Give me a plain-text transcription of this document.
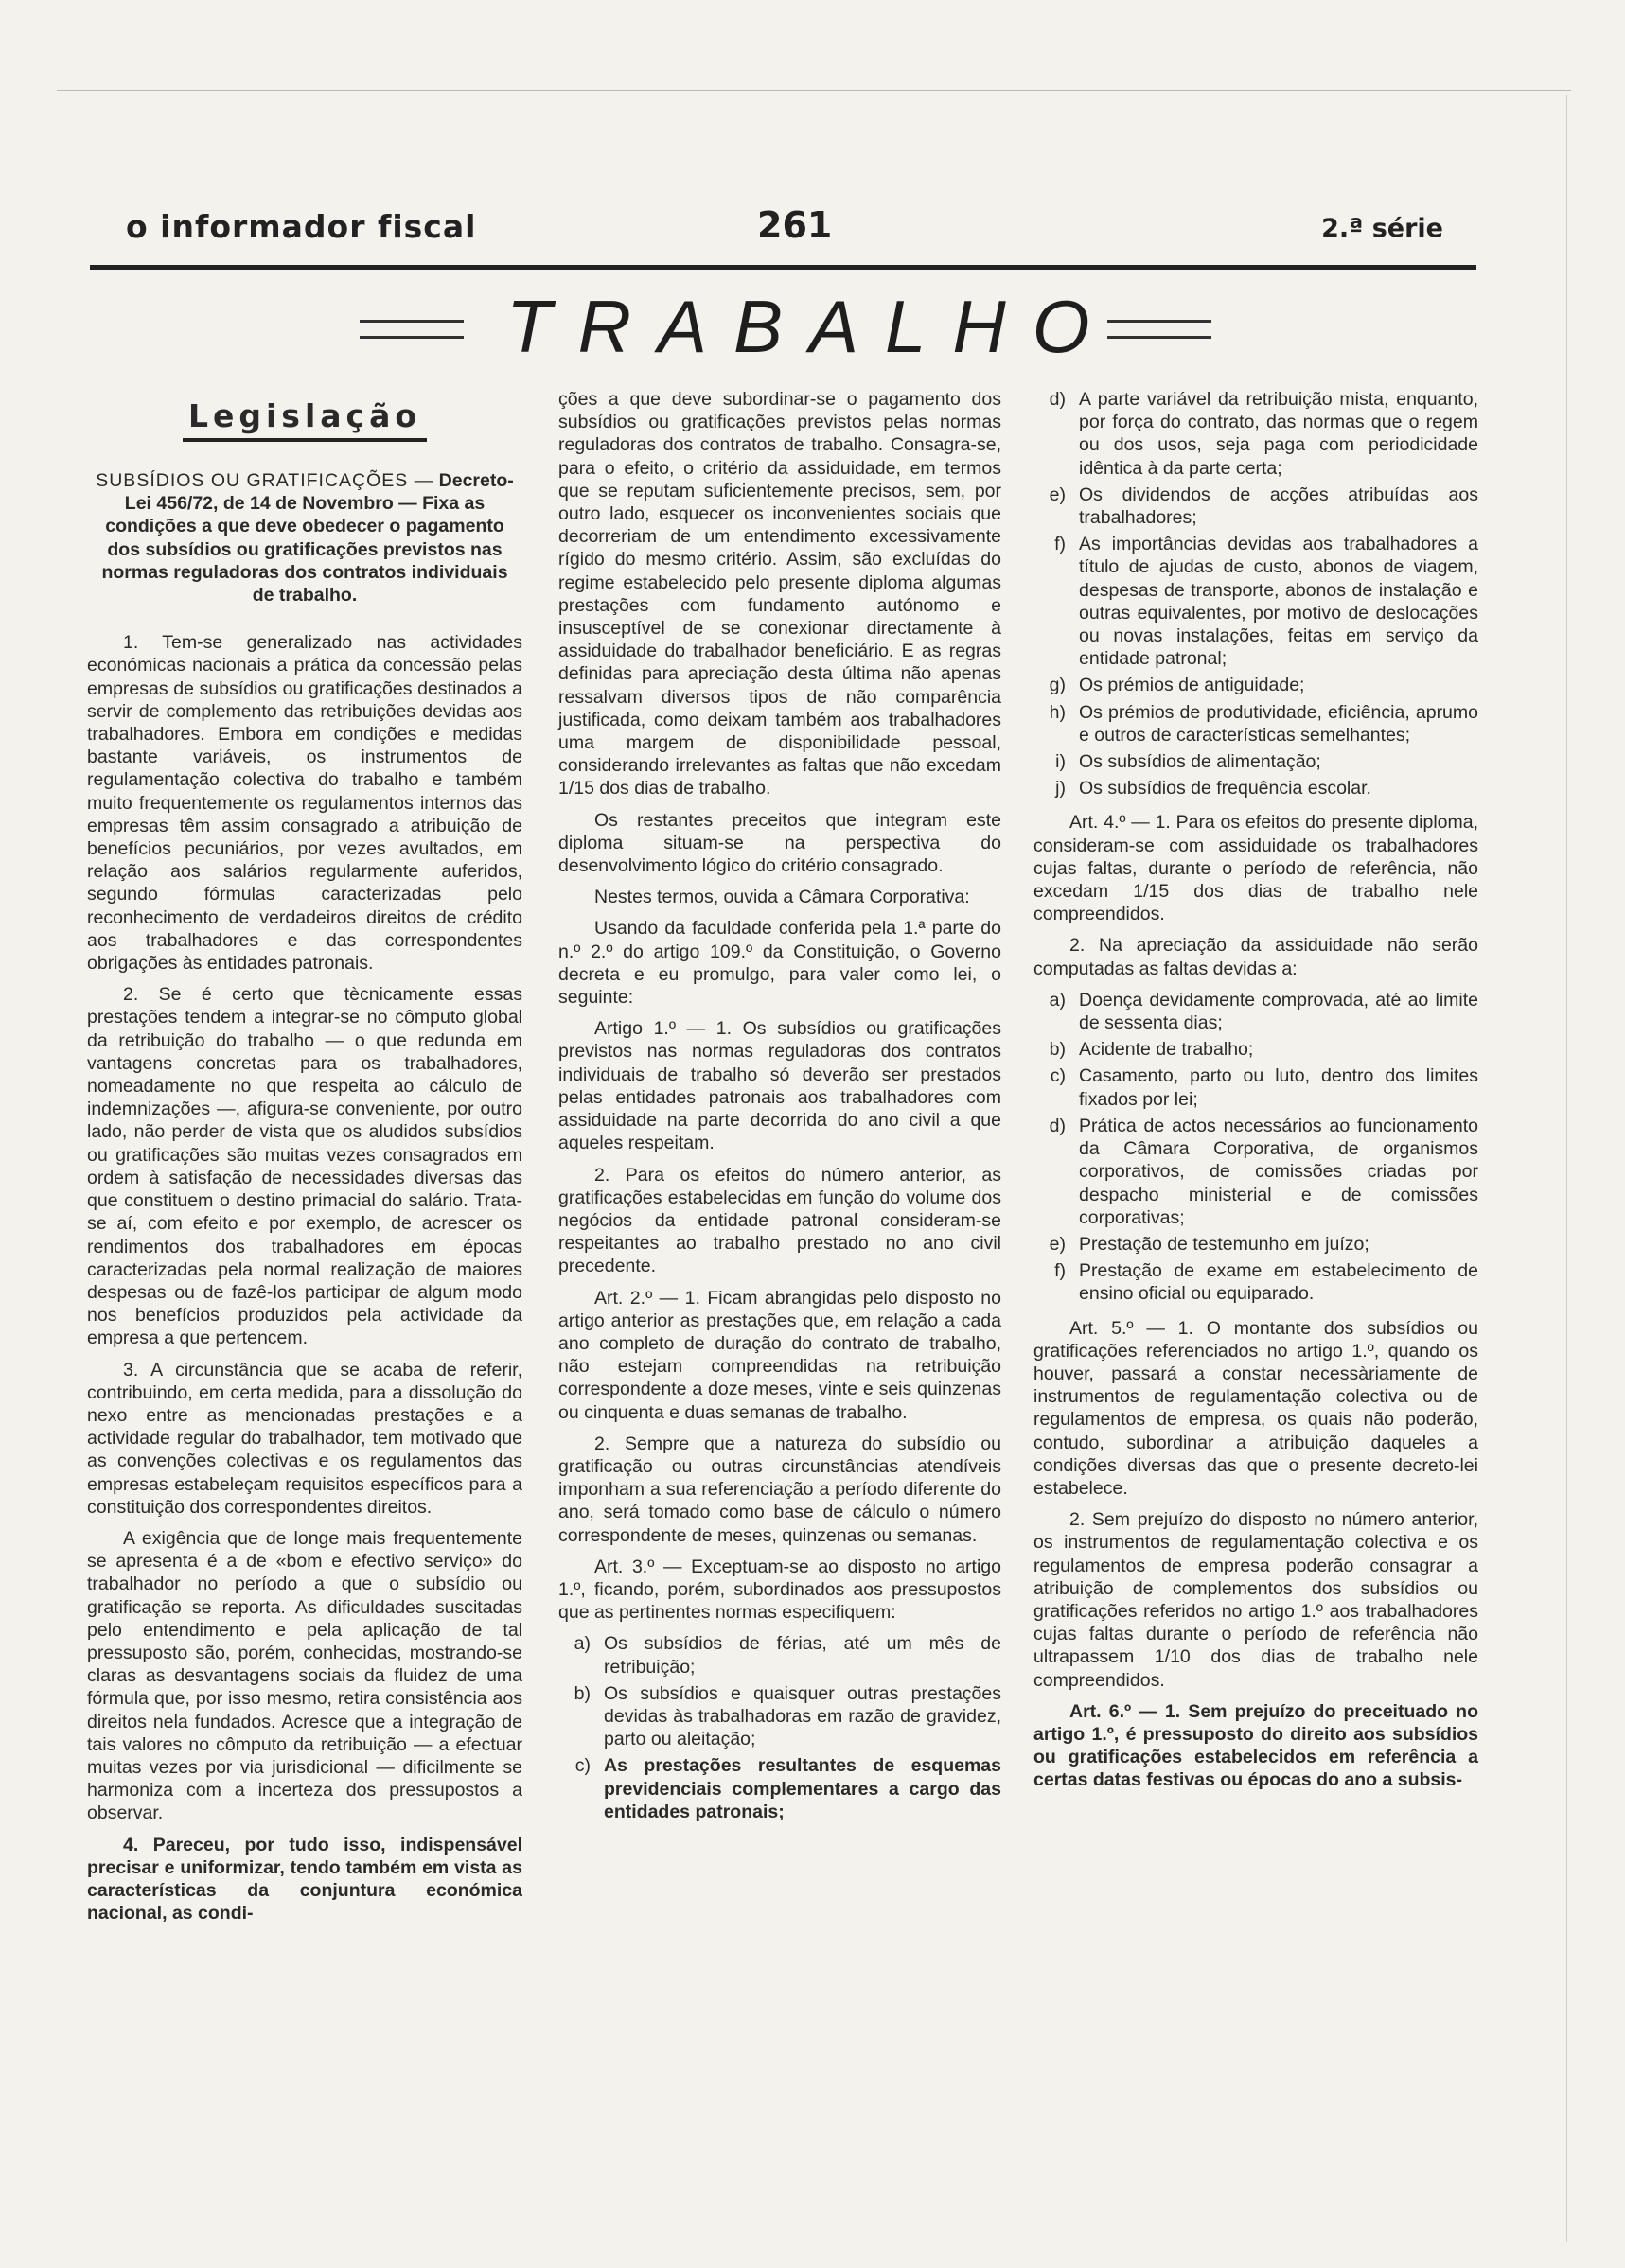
o informador fiscal	261	2.ª série
TRABALHO
Legislação
SUBSÍDIOS OU GRATIFICAÇÕES — Decreto-Lei 456/72, de 14 de Novembro — Fixa as condições a que deve obedecer o pagamento dos subsídios ou gratificações previstos nas normas reguladoras dos contratos individuais de trabalho.

1. Tem-se generalizado nas actividades económicas nacionais a prática da concessão pelas empresas de subsídios ou gratificações destinados a servir de complemento das retribuições devidas aos trabalhadores. Embora em condições e medidas bastante variáveis, os instrumentos de regulamentação colectiva do trabalho e também muito frequentemente os regulamentos internos das empresas têm assim consagrado a atribuição de benefícios pecuniários, por vezes avultados, em relação aos salários regularmente auferidos, segundo fórmulas caracterizadas pelo reconhecimento de verdadeiros direitos de crédito aos trabalhadores e das correspondentes obrigações às entidades patronais.

2. Se é certo que tècnicamente essas prestações tendem a integrar-se no cômputo global da retribuição do trabalho — o que redunda em vantagens concretas para os trabalhadores, nomeadamente no que respeita ao cálculo de indemnizações —, afigura-se conveniente, por outro lado, não perder de vista que os aludidos subsídios ou gratificações são muitas vezes consagrados em ordem à satisfação de necessidades diversas das que constituem o destino primacial do salário. Trata-se aí, com efeito e por exemplo, de acrescer os rendimentos dos trabalhadores em épocas caracterizadas pela normal realização de maiores despesas ou de fazê-los participar de algum modo nos benefícios produzidos pela actividade da empresa a que pertencem.

3. A circunstância que se acaba de referir, contribuindo, em certa medida, para a dissolução do nexo entre as mencionadas prestações e a actividade regular do trabalhador, tem motivado que as convenções colectivas e os regulamentos das empresas estabeleçam requisitos específicos para a constituição dos correspondentes direitos.

A exigência que de longe mais frequentemente se apresenta é a de «bom e efectivo serviço» do trabalhador no período a que o subsídio ou gratificação se reporta. As dificuldades suscitadas pelo entendimento e pela aplicação de tal pressuposto são, porém, conhecidas, mostrando-se claras as desvantagens sociais da fluidez de uma fórmula que, por isso mesmo, retira consistência aos direitos nela fundados. Acresce que a integração de tais valores no cômputo da retribuição — a efectuar muitas vezes por via jurisdicional — dificilmente se harmoniza com a incerteza dos pressupostos a observar.

4. Pareceu, por tudo isso, indispensável precisar e uniformizar, tendo também em vista as características da conjuntura económica nacional, as condi-

ções a que deve subordinar-se o pagamento dos subsídios ou gratificações previstos pelas normas reguladoras dos contratos de trabalho. Consagra-se, para o efeito, o critério da assiduidade, em termos que se reputam suficientemente precisos, sem, por outro lado, esquecer os inconvenientes sociais que decorreriam de um entendimento excessivamente rígido do mesmo critério. Assim, são excluídas do regime estabelecido pelo presente diploma algumas prestações com fundamento autónomo e insusceptível de se conexionar directamente à assiduidade do trabalhador beneficiário. E as regras definidas para apreciação desta última não apenas ressalvam diversos tipos de não comparência justificada, como deixam também aos trabalhadores uma margem de disponibilidade pessoal, considerando irrelevantes as faltas que não excedam 1/15 dos dias de trabalho.

Os restantes preceitos que integram este diploma situam-se na perspectiva do desenvolvimento lógico do critério consagrado.

Nestes termos, ouvida a Câmara Corporativa:

Usando da faculdade conferida pela 1.ª parte do n.º 2.º do artigo 109.º da Constituição, o Governo decreta e eu promulgo, para valer como lei, o seguinte:

Artigo 1.º — 1. Os subsídios ou gratificações previstos nas normas reguladoras dos contratos individuais de trabalho só deverão ser prestados pelas entidades patronais aos trabalhadores com assiduidade na parte decorrida do ano civil a que aqueles respeitam.

2. Para os efeitos do número anterior, as gratificações estabelecidas em função do volume dos negócios da entidade patronal consideram-se respeitantes ao trabalho prestado no ano civil precedente.

Art. 2.º — 1. Ficam abrangidas pelo disposto no artigo anterior as prestações que, em relação a cada ano completo de duração do contrato de trabalho, não estejam compreendidas na retribuição correspondente a doze meses, vinte e seis quinzenas ou cinquenta e duas semanas de trabalho.

2. Sempre que a natureza do subsídio ou gratificação ou outras circunstâncias atendíveis imponham a sua referenciação a período diferente do ano, será tomado como base de cálculo o número correspondente de meses, quinzenas ou semanas.

Art. 3.º — Exceptuam-se ao disposto no artigo 1.º, ficando, porém, subordinados aos pressupostos que as pertinentes normas especifiquem:

a) Os subsídios de férias, até um mês de retribuição;
b) Os subsídios e quaisquer outras prestações devidas às trabalhadoras em razão de gravidez, parto ou aleitação;
c) As prestações resultantes de esquemas previdenciais complementares a cargo das entidades patronais;
d) A parte variável da retribuição mista, enquanto, por força do contrato, das normas que o regem ou dos usos, seja paga com periodicidade idêntica à da parte certa;
e) Os dividendos de acções atribuídas aos trabalhadores;
f) As importâncias devidas aos trabalhadores a título de ajudas de custo, abonos de viagem, despesas de transporte, abonos de instalação e outras equivalentes, por motivo de deslocações ou novas instalações, feitas em serviço da entidade patronal;
g) Os prémios de antiguidade;
h) Os prémios de produtividade, eficiência, aprumo e outros de características semelhantes;
i) Os subsídios de alimentação;
j) Os subsídios de frequência escolar.

Art. 4.º — 1. Para os efeitos do presente diploma, consideram-se com assiduidade os trabalhadores cujas faltas, durante o período de referência, não excedam 1/15 dos dias de trabalho nele compreendidos.

2. Na apreciação da assiduidade não serão computadas as faltas devidas a:

a) Doença devidamente comprovada, até ao limite de sessenta dias;
b) Acidente de trabalho;
c) Casamento, parto ou luto, dentro dos limites fixados por lei;
d) Prática de actos necessários ao funcionamento da Câmara Corporativa, de organismos corporativos, de comissões criadas por despacho ministerial e de comissões corporativas;
e) Prestação de testemunho em juízo;
f) Prestação de exame em estabelecimento de ensino oficial ou equiparado.

Art. 5.º — 1. O montante dos subsídios ou gratificações referenciados no artigo 1.º, quando os houver, passará a constar necessàriamente de instrumentos de regulamentação colectiva ou de regulamentos de empresa, os quais não poderão, contudo, subordinar a atribuição daqueles a condições diversas das que o presente decreto-lei estabelece.

2. Sem prejuízo do disposto no número anterior, os instrumentos de regulamentação colectiva e os regulamentos de empresa poderão consagrar a atribuição de complementos dos subsídios ou gratificações referidos no artigo 1.º aos trabalhadores cujas faltas durante o período de referência não ultrapassem 1/10 dos dias de trabalho nele compreendidos.

Art. 6.º — 1. Sem prejuízo do preceituado no artigo 1.º, é pressuposto do direito aos subsídios ou gratificações estabelecidos em referência a certas datas festivas ou épocas do ano a subsis-
